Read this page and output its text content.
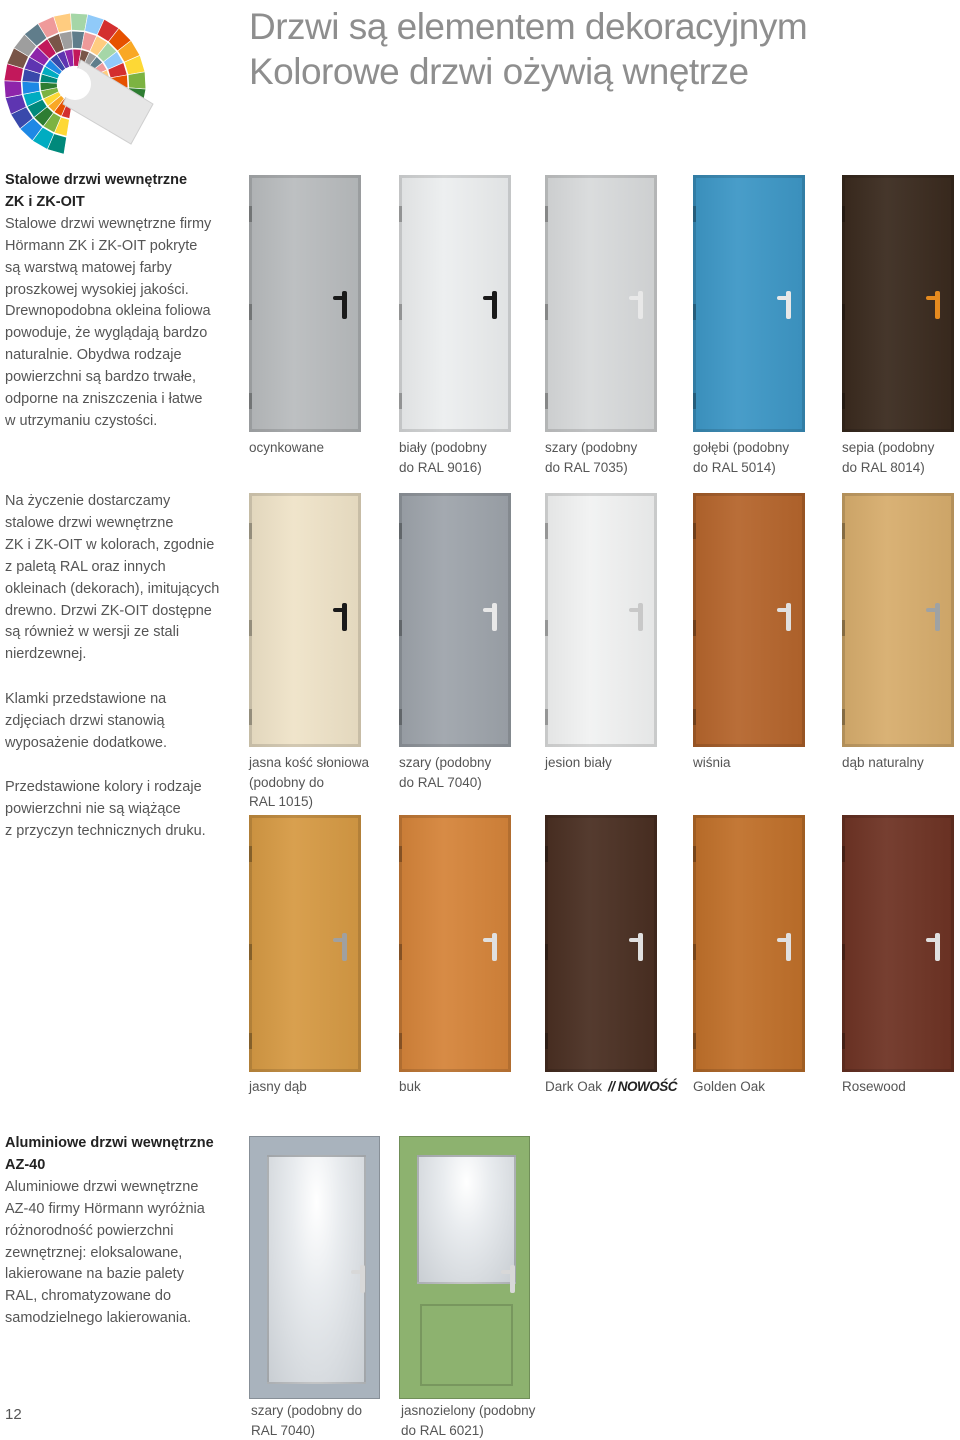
Drzwi są elementem dekoracyjnym
Kolorowe drzwi ożywią wnętrze
Stalowe drzwi wewnętrzne
ZK i ZK-OIT
Stalowe drzwi wewnętrzne firmy
Hörmann ZK i ZK-OIT pokryte
są warstwą matowej farby
proszkowej wysokiej jakości.
Drewnopodobna okleina foliowa
powoduje, że wyglądają bardzo
naturalnie. Obydwa rodzaje
powierzchni są bardzo trwałe,
odporne na zniszczenia i łatwe
w utrzymaniu czystości.
Na życzenie dostarczamy
stalowe drzwi wewnętrzne
ZK i ZK-OIT w kolorach, zgodnie
z paletą RAL oraz innych
okleinach (dekorach), imitujących
drewno. Drzwi ZK-OIT dostępne
są również w wersji ze stali
nierdzewnej.
Klamki przedstawione na
zdjęciach drzwi stanowią
wyposażenie dodatkowe.
Przedstawione kolory i rodzaje
powierzchni nie są wiążące
z przyczyn technicznych druku.
ocynkowane	biały (podobny
do RAL 9016)
szary (podobny
do RAL 7035)
gołębi (podobny
do RAL 5014)
sepia (podobny
do RAL 8014)
jasna kość słoniowa
(podobny do
RAL 1015)
szary (podobny
do RAL 7040)
jesion biały	wiśnia	dąb naturalny
jasny dąb	buk	Dark Oak // NOWOŚĆ Golden Oak	Rosewood
szary (podobny do
RAL 7040)
jasnozielony (podobny
do RAL 6021)
Aluminiowe drzwi wewnętrzne
AZ-40
Aluminiowe drzwi wewnętrzne
AZ-40 firmy Hörmann wyróżnia
różnorodność powierzchni
zewnętrznej: eloksalowane,
lakierowane na bazie palety
RAL, chromatyzowane do
samodzielnego lakierowania.
12
